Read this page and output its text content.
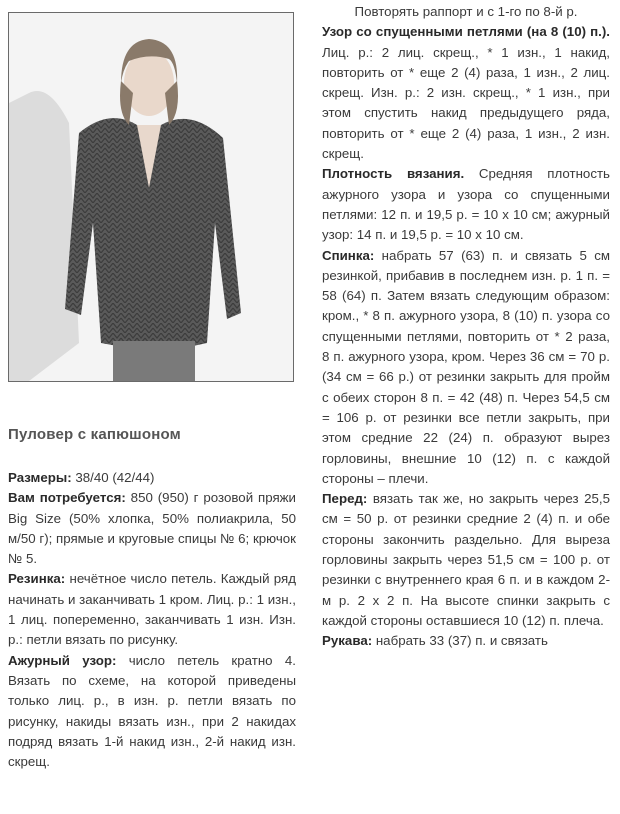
Пуловер с капюшоном

Размеры: 38/40 (42/44)

Вам потребуется: 850 (950) г розовой пряжи Big Size (50% хлопка, 50% полиакрила, 50 м/50 г); прямые и круговые спицы № 6; крючок № 5.

Резинка: нечётное число петель. Каждый ряд начинать и заканчивать 1 кром. Лиц. р.: 1 изн., 1 лиц. попеременно, заканчивать 1 изн. Изн. р.: петли вязать по рисунку.

Ажурный узор: число петель кратно 4. Вязать по схеме, на которой приведены только лиц. р., в изн. р. петли вязать по рисунку, накиды вязать изн., при 2 накидах подряд вязать 1-й накид изн., 2-й накид изн. скрещ.

Повторять раппорт и с 1-го по 8-й р.

Узор со спущенными петлями (на 8 (10) п.). Лиц. р.: 2 лиц. скрещ., * 1 изн., 1 накид, повторить от * еще 2 (4) раза, 1 изн., 2 лиц. скрещ. Изн. р.: 2 изн. скрещ., * 1 изн., при этом спустить накид предыдущего ряда, повторить от * еще 2 (4) раза, 1 изн., 2 изн. скрещ.

Плотность вязания. Средняя плотность ажурного узора и узора со спущенными петлями: 12 п. и 19,5 р. = 10 х 10 см; ажурный узор: 14 п. и 19,5 р. = 10 х 10 см.

Спинка: набрать 57 (63) п. и связать 5 см резинкой, прибавив в последнем изн. р. 1 п. = 58 (64) п. Затем вязать следующим образом: кром., * 8 п. ажурного узора, 8 (10) п. узора со спущенными петлями, повторить от * 2 раза, 8 п. ажурного узора, кром. Через 36 см = 70 р. (34 см = 66 р.) от резинки закрыть для пройм с обеих сторон 8 п. = 42 (48) п. Через 54,5 см = 106 р. от резинки все петли закрыть, при этом средние 22 (24) п. образуют вырез горловины, внешние 10 (12) п. с каждой стороны – плечи.

Перед: вязать так же, но закрыть через 25,5 см = 50 р. от резинки средние 2 (4) п. и обе стороны закончить раздельно. Для выреза горловины закрыть через 51,5 см = 100 р. от резинки с внутреннего края 6 п. и в каждом 2-м р. 2 х 2 п. На высоте спинки закрыть с каждой стороны оставшиеся 10 (12) п. плеча.

Рукава: набрать 33 (37) п. и связать
